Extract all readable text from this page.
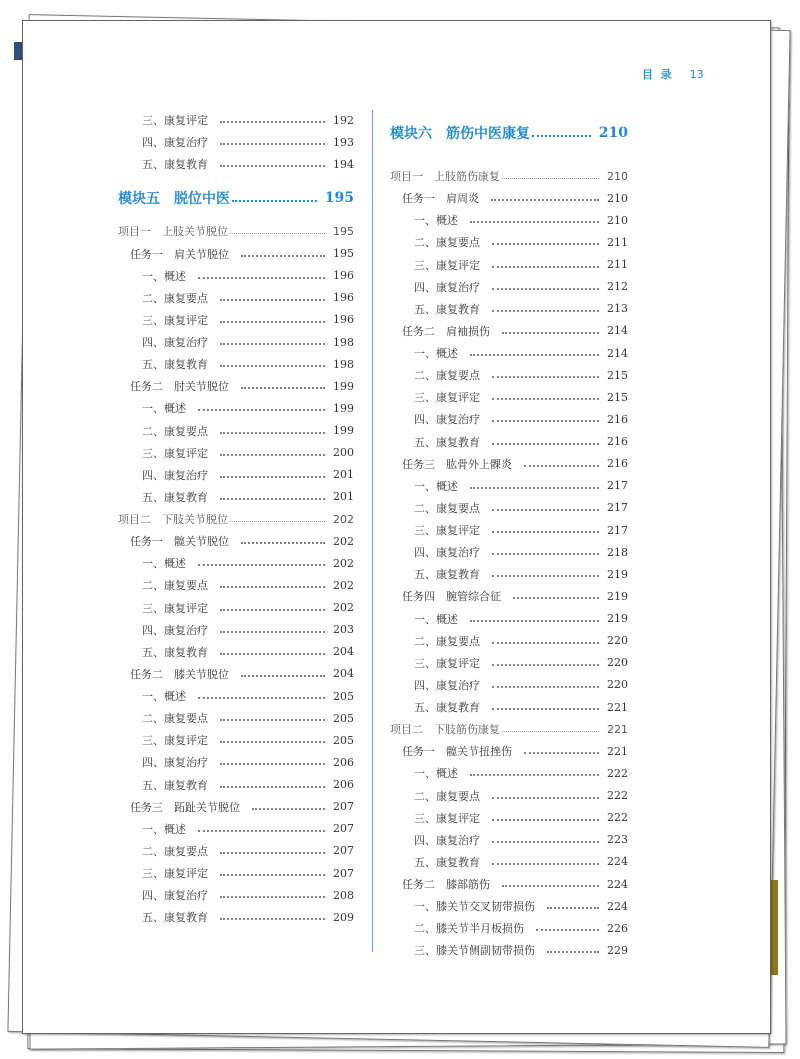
目  录 13
三、康复评定	192
四、康复治疗	193
五、康复教育	194
模块五　脱位中医	195
项目一　上肢关节脱位	195
任务一　肩关节脱位	195
一、概述	196
二、康复要点	196
三、康复评定	196
四、康复治疗	198
五、康复教育	198
任务二　肘关节脱位	199
一、概述	199
二、康复要点	199
三、康复评定	200
四、康复治疗	201
五、康复教育	201
项目二　下肢关节脱位	202
任务一　髋关节脱位	202
一、概述	202
二、康复要点	202
三、康复评定	202
四、康复治疗	203
五、康复教育	204
任务二　膝关节脱位	204
一、概述	205
二、康复要点	205
三、康复评定	205
四、康复治疗	206
五、康复教育	206
任务三　跖趾关节脱位	207
一、概述	207
二、康复要点	207
三、康复评定	207
四、康复治疗	208
五、康复教育	209
模块六　筋伤中医康复	210
项目一　上肢筋伤康复	210
任务一　肩周炎	210
一、概述	210
二、康复要点	211
三、康复评定	211
四、康复治疗	212
五、康复教育	213
任务二　肩袖损伤	214
一、概述	214
二、康复要点	215
三、康复评定	215
四、康复治疗	216
五、康复教育	216
任务三　肱骨外上髁炎	216
一、概述	217
二、康复要点	217
三、康复评定	217
四、康复治疗	218
五、康复教育	219
任务四　腕管综合征	219
一、概述	219
二、康复要点	220
三、康复评定	220
四、康复治疗	220
五、康复教育	221
项目二　下肢筋伤康复	221
任务一　髋关节扭挫伤	221
一、概述	222
二、康复要点	222
三、康复评定	222
四、康复治疗	223
五、康复教育	224
任务二　膝部筋伤	224
一、膝关节交叉韧带损伤	224
二、膝关节半月板损伤	226
三、膝关节侧副韧带损伤	229
